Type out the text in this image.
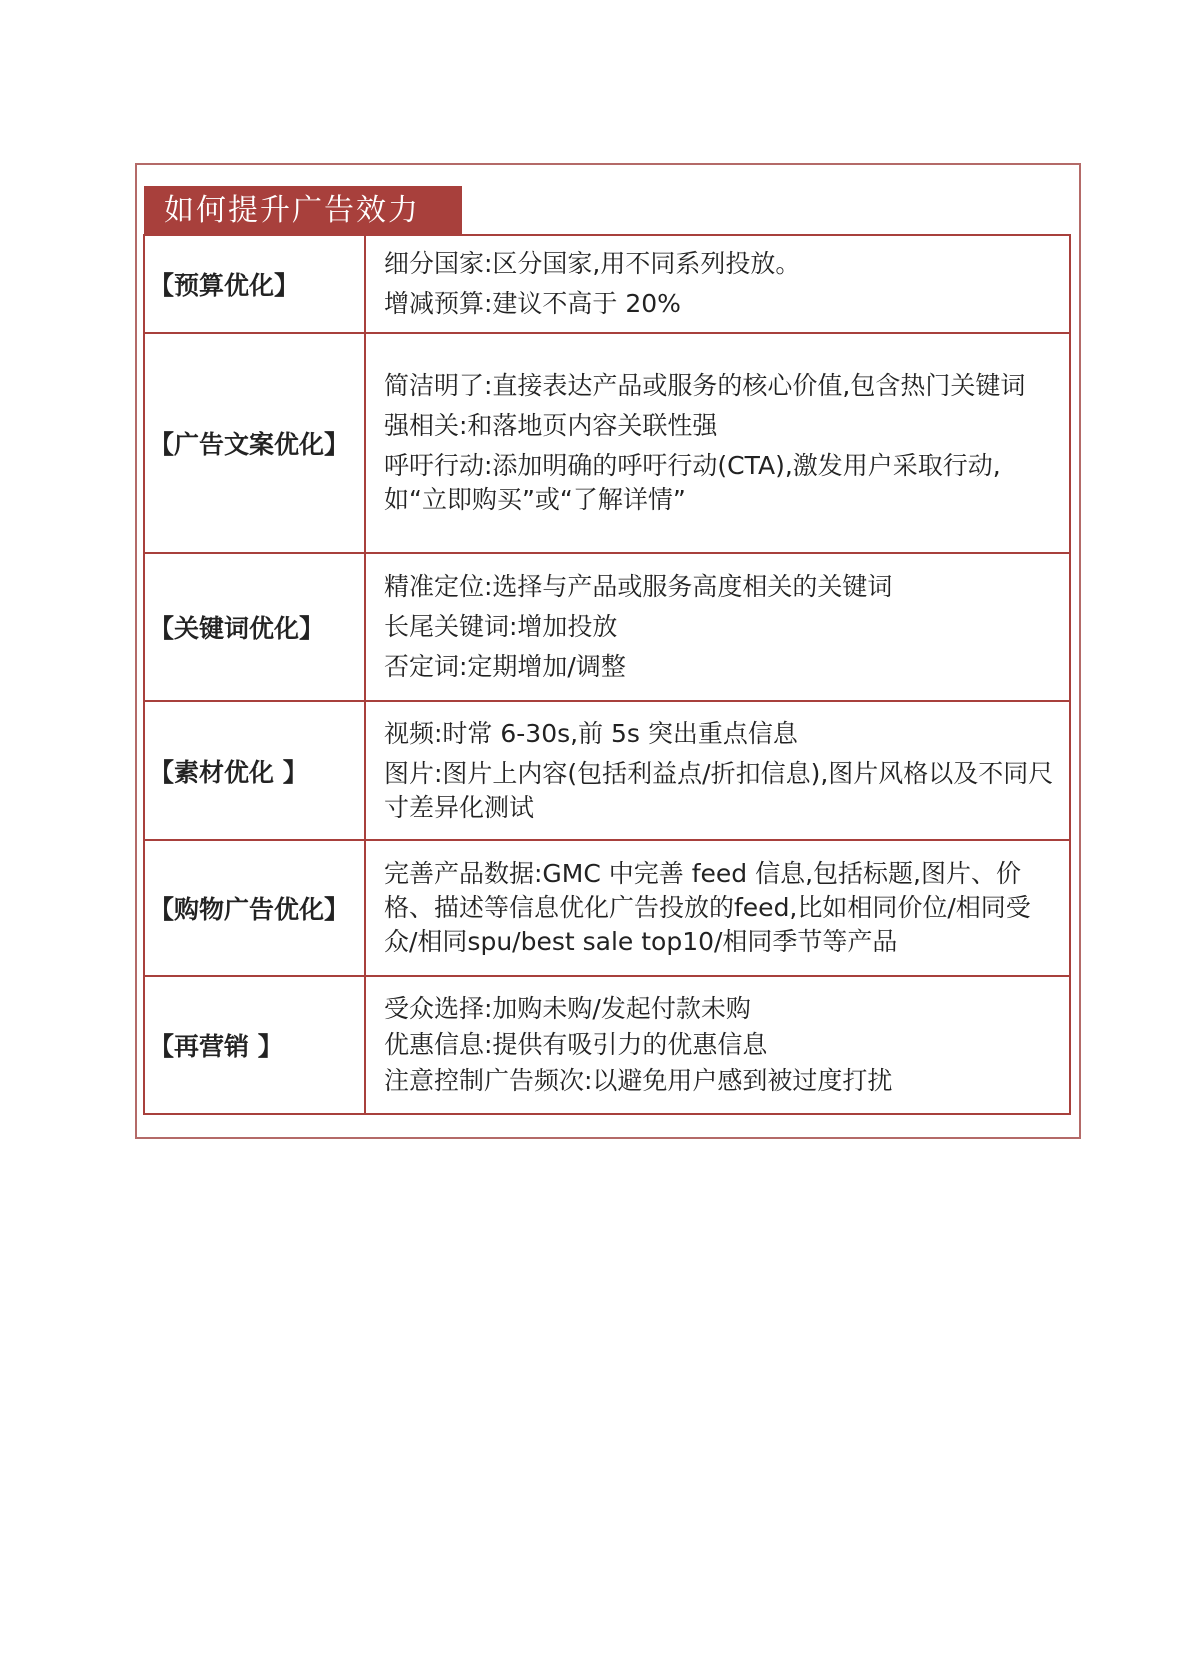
如何提升广告效力
【预算优化】	细分国家:区分国家,用不同系列投放。
增减预算:建议不高于 20%

【广告文案优化】	简洁明了:直接表达产品或服务的核心价值,包含热门关键词
强相关:和落地页内容关联性强
呼吁行动:添加明确的呼吁行动(CTA),激发用户采取行动,如“立即购买”或“了解详情”

【关键词优化】	精准定位:选择与产品或服务高度相关的关键词
长尾关键词:增加投放
否定词:定期增加/调整

【素材优化 】	视频:时常 6-30s,前 5s 突出重点信息
图片:图片上内容(包括利益点/折扣信息),图片风格以及不同尺寸差异化测试

【购物广告优化】	完善产品数据:GMC 中完善 feed 信息,包括标题,图片、价格、描述等信息优化广告投放的feed,比如相同价位/相同受众/相同spu/best sale top10/相同季节等产品

【再营销 】	受众选择:加购未购/发起付款未购
优惠信息:提供有吸引力的优惠信息
注意控制广告频次:以避免用户感到被过度打扰
